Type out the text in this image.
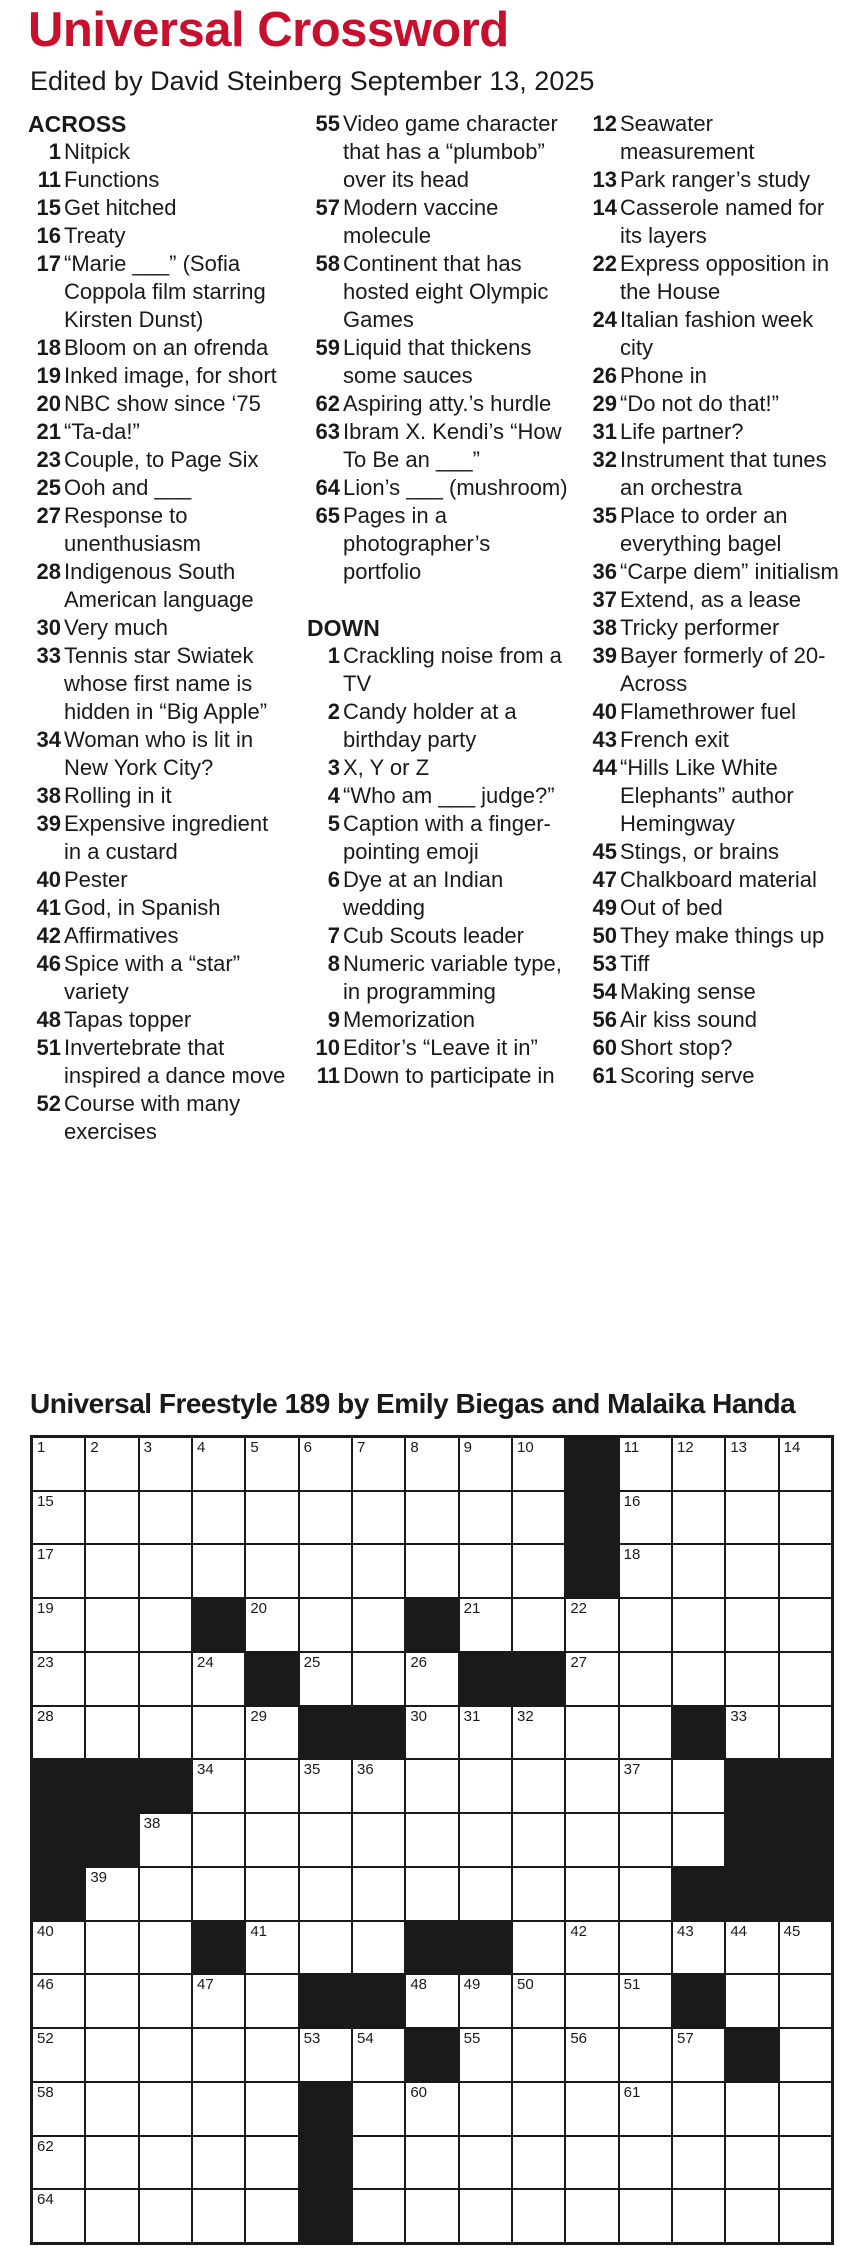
Universal Crossword
Edited by David Steinberg September 13, 2025
ACROSS
1 Nitpick
11 Functions
15 Get hitched
16 Treaty
17 “Marie ___” (Sofia Coppola film starring Kirsten Dunst)
18 Bloom on an ofrenda
19 Inked image, for short
20 NBC show since ‘75
21 “Ta-da!”
23 Couple, to Page Six
25 Ooh and ___
27 Response to unenthusiasm
28 Indigenous South American language
30 Very much
33 Tennis star Swiatek whose first name is hidden in “Big Apple”
34 Woman who is lit in New York City?
38 Rolling in it
39 Expensive ingredient in a custard
40 Pester
41 God, in Spanish
42 Affirmatives
46 Spice with a “star” variety
48 Tapas topper
51 Invertebrate that inspired a dance move
52 Course with many exercises
55 Video game character that has a “plumbob” over its head
57 Modern vaccine molecule
58 Continent that has hosted eight Olympic Games
59 Liquid that thickens some sauces
62 Aspiring atty.’s hurdle
63 Ibram X. Kendi’s “How To Be an ___”
64 Lion’s ___ (mushroom)
65 Pages in a photographer’s portfolio
DOWN
1 Crackling noise from a TV
2 Candy holder at a birthday party
3 X, Y or Z
4 “Who am ___ judge?”
5 Caption with a finger-pointing emoji
6 Dye at an Indian wedding
7 Cub Scouts leader
8 Numeric variable type, in programming
9 Memorization
10 Editor’s “Leave it in”
11 Down to participate in
12 Seawater measurement
13 Park ranger’s study
14 Casserole named for its layers
22 Express opposition in the House
24 Italian fashion week city
26 Phone in
29 “Do not do that!”
31 Life partner?
32 Instrument that tunes an orchestra
35 Place to order an everything bagel
36 “Carpe diem” initialism
37 Extend, as a lease
38 Tricky performer
39 Bayer formerly of 20-Across
40 Flamethrower fuel
43 French exit
44 “Hills Like White Elephants” author Hemingway
45 Stings, or brains
47 Chalkboard material
49 Out of bed
50 They make things up
53 Tiff
54 Making sense
56 Air kiss sound
60 Short stop?
61 Scoring serve
Universal Freestyle 189 by Emily Biegas and Malaika Handa
1	2	3	4	5	6	7	8	9	10	11	12 13 14
15	16
17	18
19	20	21	22
23	24	25	26	27
28	29	30 31 32	33
34	35 36	37
38
39
40	41	42	43 44 45
46	47	48 49 50	51
52	53 54	55	56	57
58	60	61
62
64
